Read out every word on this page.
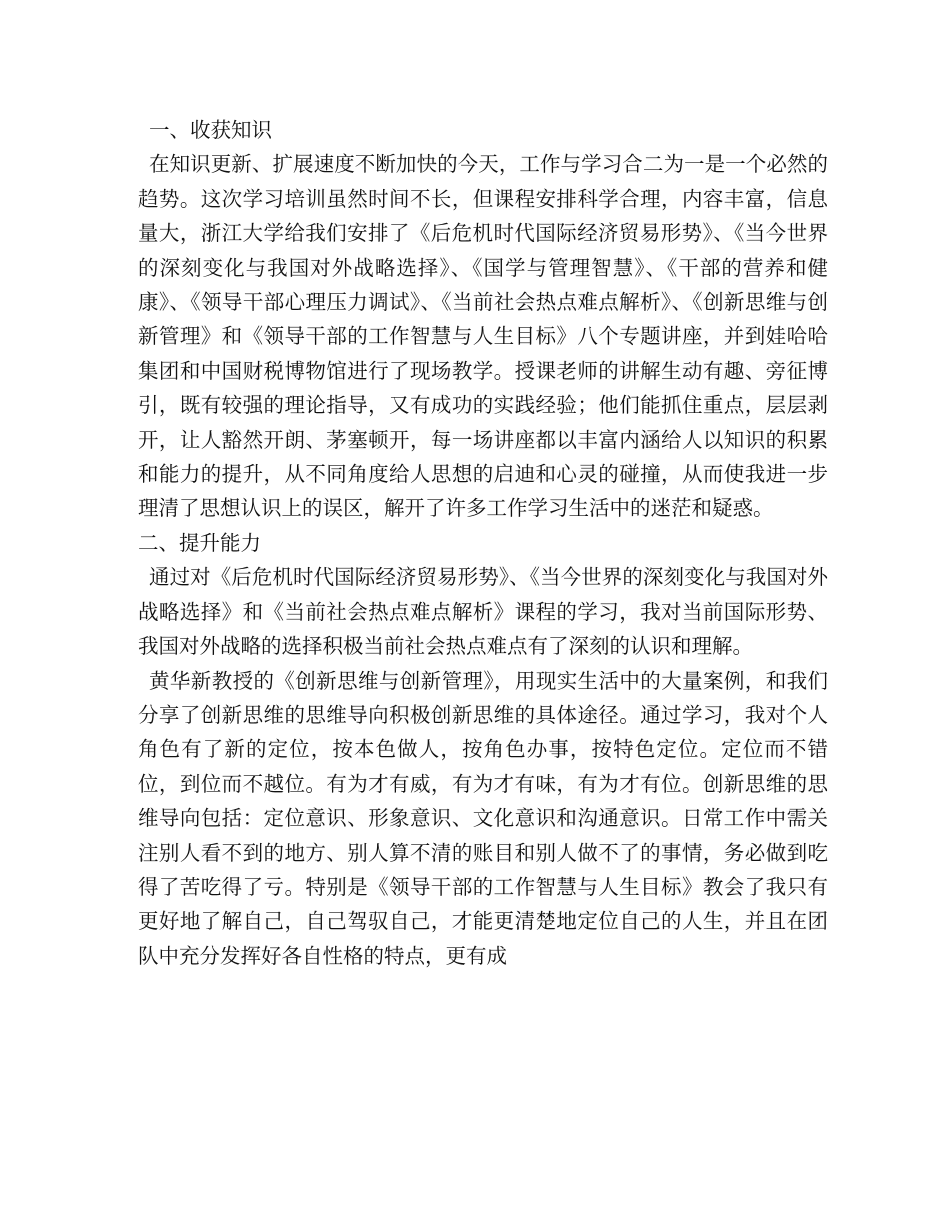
一、收获知识

在知识更新、扩展速度不断加快的今天，工作与学习合二为一是一个必然的趋势。这次学习培训虽然时间不长，但课程安排科学合理，内容丰富，信息量大，浙江大学给我们安排了《后危机时代国际经济贸易形势》、《当今世界的深刻变化与我国对外战略选择》、《国学与管理智慧》、《干部的营养和健康》、《领导干部心理压力调试》、《当前社会热点难点解析》、《创新思维与创新管理》和《领导干部的工作智慧与人生目标》八个专题讲座，并到娃哈哈集团和中国财税博物馆进行了现场教学。授课老师的讲解生动有趣、旁征博引，既有较强的理论指导，又有成功的实践经验；他们能抓住重点，层层剥开，让人豁然开朗、茅塞顿开，每一场讲座都以丰富内涵给人以知识的积累和能力的提升，从不同角度给人思想的启迪和心灵的碰撞，从而使我进一步理清了思想认识上的误区，解开了许多工作学习生活中的迷茫和疑惑。

二、提升能力

通过对《后危机时代国际经济贸易形势》、《当今世界的深刻变化与我国对外战略选择》和《当前社会热点难点解析》课程的学习，我对当前国际形势、我国对外战略的选择积极当前社会热点难点有了深刻的认识和理解。

黄华新教授的《创新思维与创新管理》，用现实生活中的大量案例，和我们分享了创新思维的思维导向积极创新思维的具体途径。通过学习，我对个人角色有了新的定位，按本色做人，按角色办事，按特色定位。定位而不错位，到位而不越位。有为才有威，有为才有味，有为才有位。创新思维的思维导向包括：定位意识、形象意识、文化意识和沟通意识。日常工作中需关注别人看不到的地方、别人算不清的账目和别人做不了的事情，务必做到吃得了苦吃得了亏。特别是《领导干部的工作智慧与人生目标》教会了我只有更好地了解自己，自己驾驭自己，才能更清楚地定位自己的人生，并且在团队中充分发挥好各自性格的特点，更有成
